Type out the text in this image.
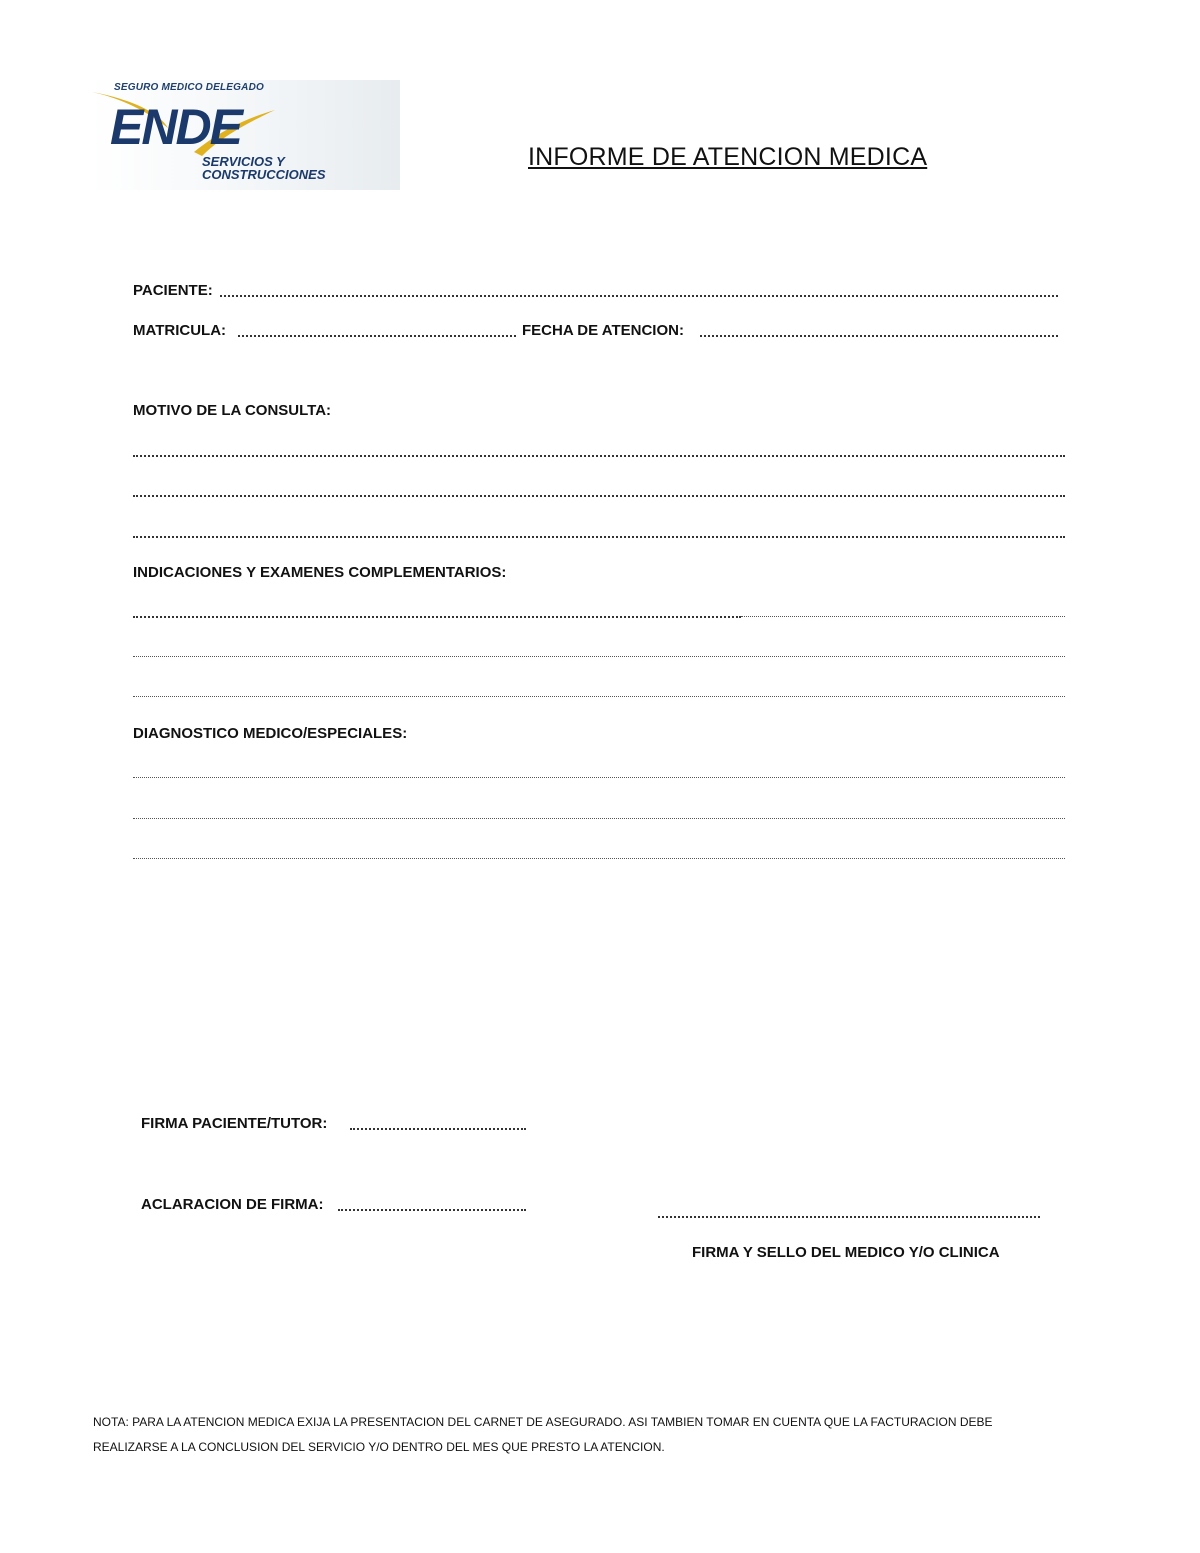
SEGURO MEDICO DELEGADO
ENDE
SERVICIOS Y
CONSTRUCCIONES
INFORME DE ATENCION MEDICA
PACIENTE:
MATRICULA:	FECHA DE ATENCION:
MOTIVO DE LA CONSULTA:
INDICACIONES Y EXAMENES COMPLEMENTARIOS:
DIAGNOSTICO MEDICO/ESPECIALES:
FIRMA PACIENTE/TUTOR:
ACLARACION DE FIRMA:
FIRMA Y SELLO DEL MEDICO Y/O CLINICA
NOTA: PARA LA ATENCION MEDICA EXIJA LA PRESENTACION DEL CARNET DE ASEGURADO. ASI TAMBIEN TOMAR EN CUENTA QUE LA FACTURACION DEBE
REALIZARSE A LA CONCLUSION DEL SERVICIO Y/O DENTRO DEL MES QUE PRESTO LA ATENCION.
